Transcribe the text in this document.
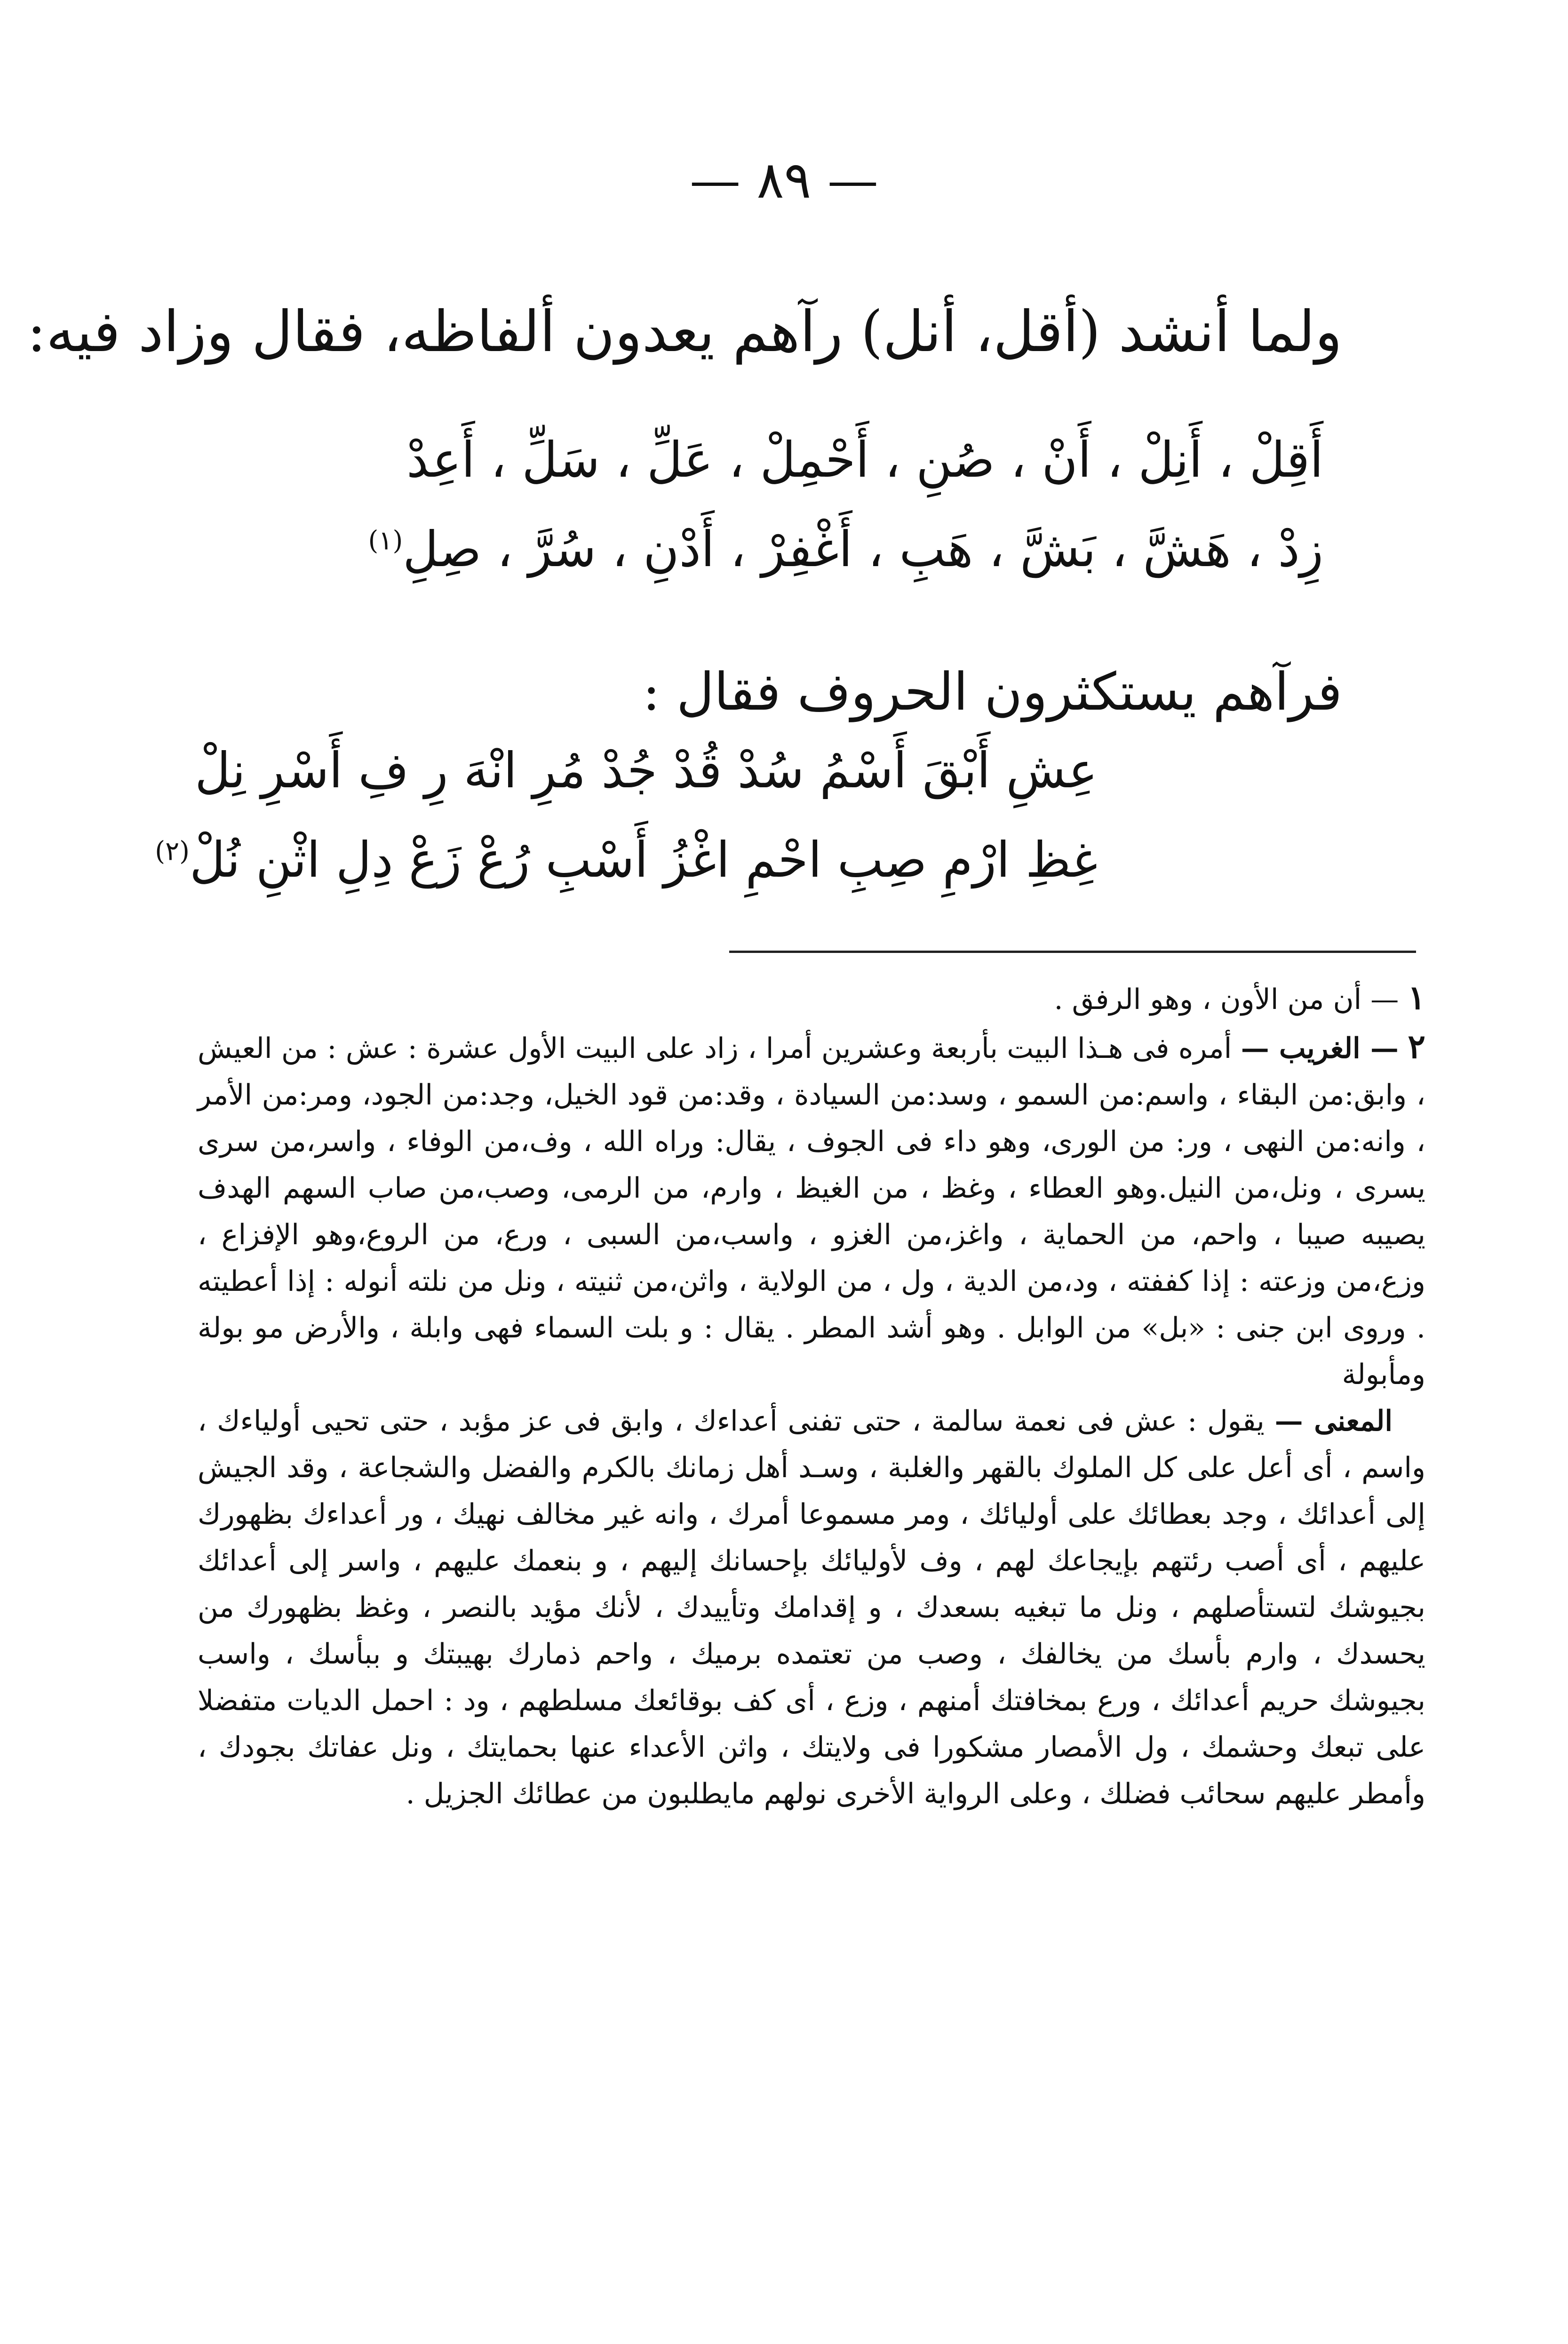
— ٨٩ —
ولما أنشد (أقل، أنل) رآهم يعدون ألفاظه، فقال وزاد فيه:
أَقِلْ ، أَنِلْ ، أَنْ ، صُنِ ، أَحْمِلْ ، عَلِّ ، سَلِّ ، أَعِدْ
زِدْ ، هَشَّ ، بَشَّ ، هَبِ ، أَغْفِرْ ، أَدْنِ ، سُرَّ ، صِلِ$^{(١)}$
فرآهم يستكثرون الحروف فقال :
عِشِ أَبْقَ أَسْمُ سُدْ قُدْ جُدْ مُرِ انْهَ رِ فِ أَسْرِ نِلْ
غِظِ ارْمِ صِبِ احْمِ اغْزُ أَسْبِ رُعْ زَعْ دِلِ اثْنِ نُلْ$^{(٢)}$

١ — أن من الأون ، وهو الرفق .

٢ — الغريب — أمره فى هـذا البيت بأربعة وعشرين أمرا ، زاد على البيت الأول عشرة : عش : من العيش ، وابق:من البقاء ، واسم:من السمو ، وسد:من السيادة ، وقد:من قود الخيل، وجد:من الجود، ومر:من الأمر ، وانه:من النهى ، ور: من الورى، وهو داء فى الجوف ، يقال: وراه الله ، وف،من الوفاء ، واسر،من سرى يسرى ، ونل،من النيل.وهو العطاء ، وغظ ، من الغيظ ، وارم، من الرمى، وصب،من صاب السهم الهدف يصيبه صيبا ، واحم، من الحماية ، واغز،من الغزو ، واسب،من السبى ، ورع، من الروع،وهو الإفزاع ، وزع،من وزعته : إذا كففته ، ود،من الدية ، ول ، من الولاية ، واثن،من ثنيته ، ونل من نلته أنوله : إذا أعطيته . وروى ابن جنى : «بل» من الوابل . وهو أشد المطر . يقال : و بلت السماء فهى وابلة ، والأرض مو بولة ومأبولة

المعنى — يقول : عش فى نعمة سالمة ، حتى تفنى أعداءك ، وابق فى عز مؤبد ، حتى تحيى أولياءك ، واسم ، أى أعل على كل الملوك بالقهر والغلبة ، وسـد أهل زمانك بالكرم والفضل والشجاعة ، وقد الجيش إلى أعدائك ، وجد بعطائك على أوليائك ، ومر مسموعا أمرك ، وانه غير مخالف نهيك ، ور أعداءك بظهورك عليهم ، أى أصب رئتهم بإيجاعك لهم ، وف لأوليائك بإحسانك إليهم ، و بنعمك عليهم ، واسر إلى أعدائك بجيوشك لتستأصلهم ، ونل ما تبغيه بسعدك ، و إقدامك وتأييدك ، لأنك مؤيد بالنصر ، وغظ بظهورك من يحسدك ، وارم بأسك من يخالفك ، وصب من تعتمده برميك ، واحم ذمارك بهيبتك و ببأسك ، واسب بجيوشك حريم أعدائك ، ورع بمخافتك أمنهم ، وزع ، أى كف بوقائعك مسلطهم ، ود : احمل الديات متفضلا على تبعك وحشمك ، ول الأمصار مشكورا فى ولايتك ، واثن الأعداء عنها بحمايتك ، ونل عفاتك بجودك ، وأمطر عليهم سحائب فضلك ، وعلى الرواية الأخرى نولهم مايطلبون من عطائك الجزيل .
